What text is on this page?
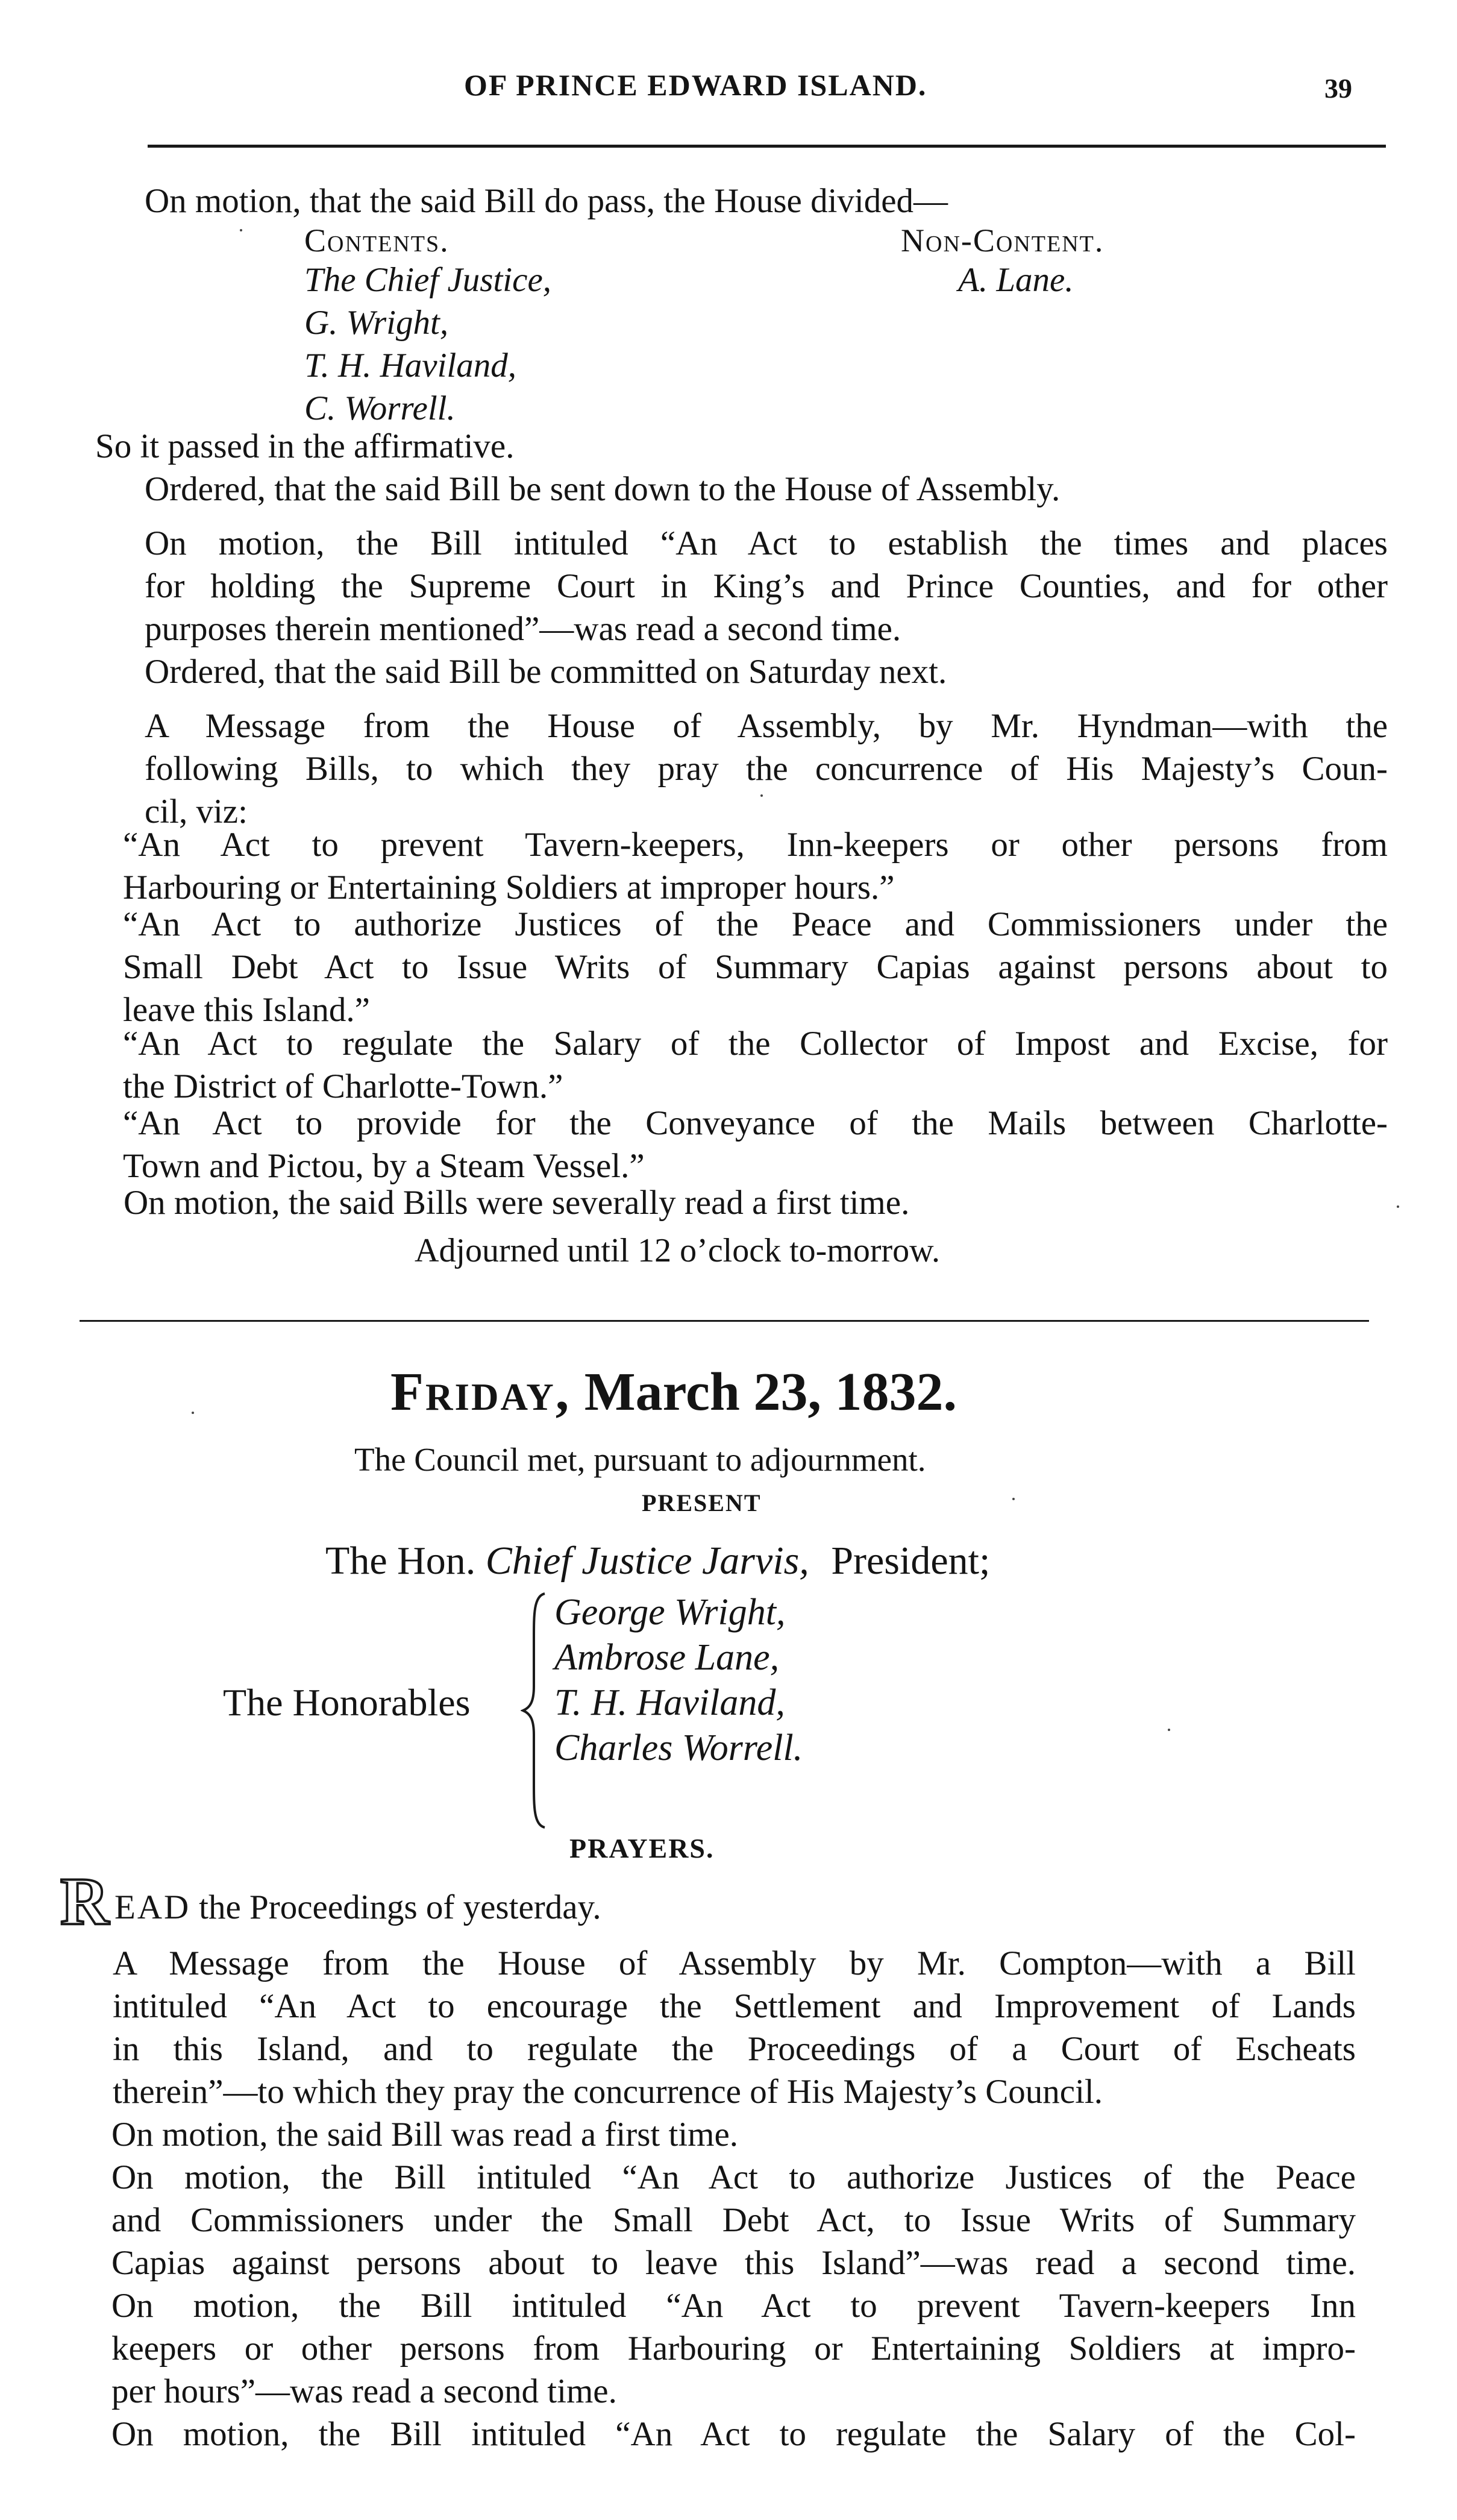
OF PRINCE EDWARD ISLAND.	39
On motion, that the said Bill do pass, the House divided—
Contents.	Non-Content.
The Chief Justice,
G. Wright,
T. H. Haviland,
C. Worrell.
A. Lane.
So it passed in the affirmative.
Ordered, that the said Bill be sent down to the House of Assembly.
On motion, the Bill intituled “An Act to establish the times and places
for holding the Supreme Court in King’s and Prince Counties, and for other
purposes therein mentioned”—was read a second time.
Ordered, that the said Bill be committed on Saturday next.
A Message from the House of Assembly, by Mr. Hyndman—with the
following Bills, to which they pray the concurrence of His Majesty’s Coun-
cil, viz:
“An Act to prevent Tavern-keepers, Inn-keepers or other persons from
Harbouring or Entertaining Soldiers at improper hours.”
“An Act to authorize Justices of the Peace and Commissioners under the
Small Debt Act to Issue Writs of Summary Capias against persons about to
leave this Island.”
“An Act to regulate the Salary of the Collector of Impost and Excise, for
the District of Charlotte-Town.”
“An Act to provide for the Conveyance of the Mails between Charlotte-
Town and Pictou, by a Steam Vessel.”
On motion, the said Bills were severally read a first time.
Adjourned until 12 o’clock to-morrow.
Friday, March 23, 1832.
The Council met, pursuant to adjournment.
PRESENT
The Hon. Chief Justice Jarvis, President;
The Honorables
George Wright,
Ambrose Lane,
T. H. Haviland,
Charles Worrell.
PRAYERS.
R EAD the Proceedings of yesterday.
A Message from the House of Assembly by Mr. Compton—with a Bill
intituled “An Act to encourage the Settlement and Improvement of Lands
in this Island, and to regulate the Proceedings of a Court of Escheats
therein”—to which they pray the concurrence of His Majesty’s Council.
On motion, the said Bill was read a first time.
On motion, the Bill intituled “An Act to authorize Justices of the Peace
and Commissioners under the Small Debt Act, to Issue Writs of Summary
Capias against persons about to leave this Island”—was read a second time.
On motion, the Bill intituled “An Act to prevent Tavern-keepers Inn
keepers or other persons from Harbouring or Entertaining Soldiers at impro-
per hours”—was read a second time.
On motion, the Bill intituled “An Act to regulate the Salary of the Col-
